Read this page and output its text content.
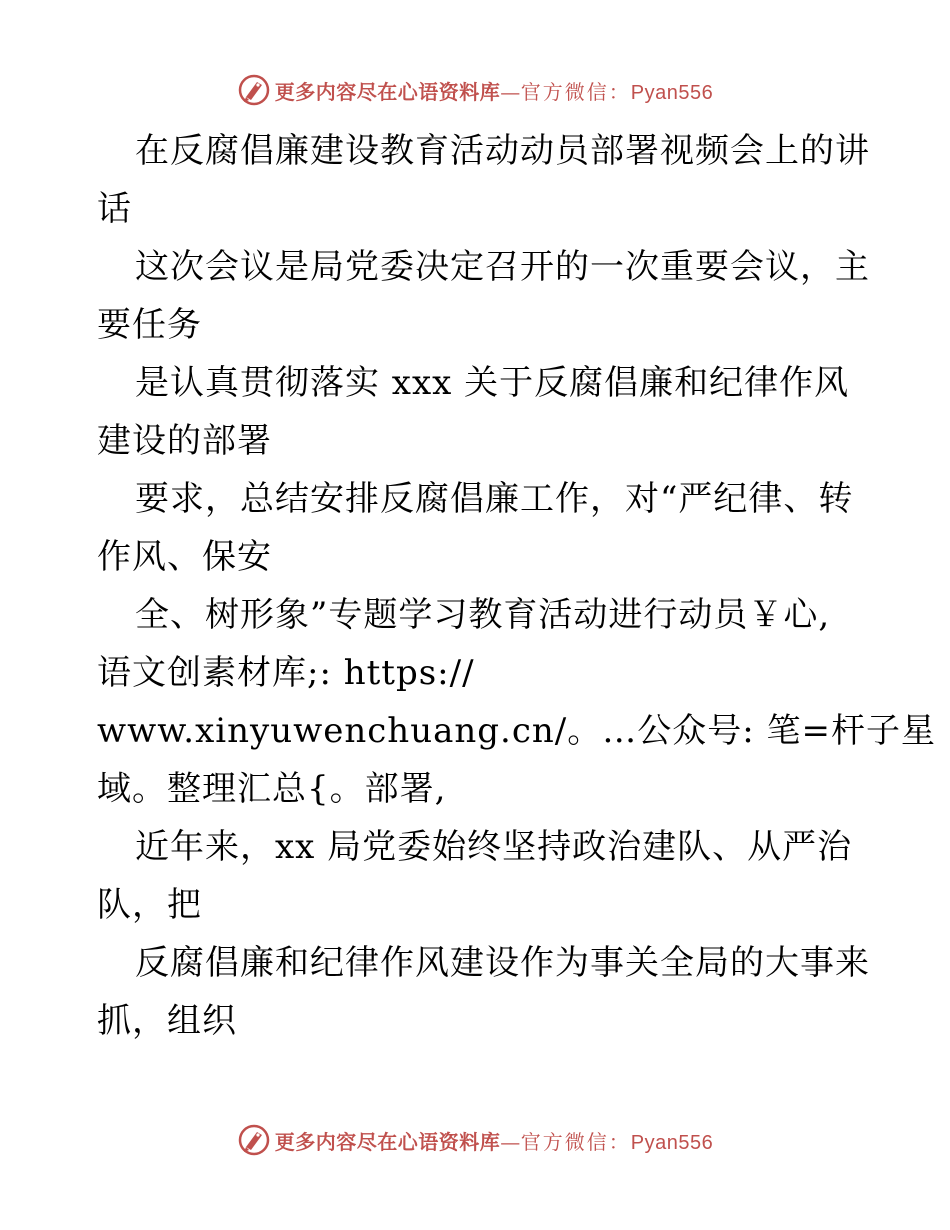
更多内容尽在心语资料库—官方微信：Pyan556
在反腐倡廉建设教育活动动员部署视频会上的讲
话
这次会议是局党委决定召开的一次重要会议，主
要任务
是认真贯彻落实 xxx 关于反腐倡廉和纪律作风
建设的部署
要求，总结安排反腐倡廉工作，对“严纪律、转
作风、保安
全、树形象”专题学习教育活动进行动员￥心,
语文创素材库;: https://
www.xinyuwenchuang.cn/。…公众号: 笔=杆子星
域。整理汇总{。部署,
近年来，xx 局党委始终坚持政治建队、从严治
队，把
反腐倡廉和纪律作风建设作为事关全局的大事来
抓，组织
更多内容尽在心语资料库—官方微信：Pyan556
